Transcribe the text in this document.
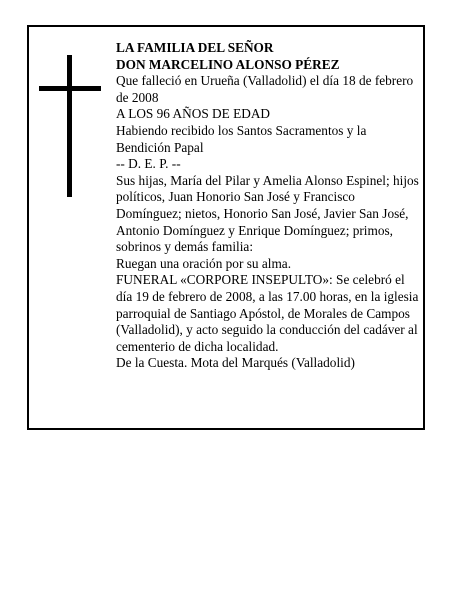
LA FAMILIA DEL SEÑOR

DON MARCELINO ALONSO PÉREZ

Que falleció en Urueña (Valladolid) el día 18 de febrero de 2008

A LOS 96 AÑOS DE EDAD

Habiendo recibido los Santos Sacramentos y la Bendición Papal

-- D. E. P. --

Sus hijas, María del Pilar y Amelia Alonso Espinel; hijos políticos, Juan Honorio San José y Francisco Domínguez; nietos, Honorio San José, Javier San José, Antonio Domínguez y Enrique Domínguez; primos, sobrinos y demás familia:

Ruegan una oración por su alma.

FUNERAL «CORPORE INSEPULTO»: Se celebró el día 19 de febrero de 2008, a las 17.00 horas, en la iglesia parroquial de Santiago Apóstol, de Morales de Campos (Valladolid), y acto seguido la conducción del cadáver al cementerio de dicha localidad.

De la Cuesta. Mota del Marqués (Valladolid)
